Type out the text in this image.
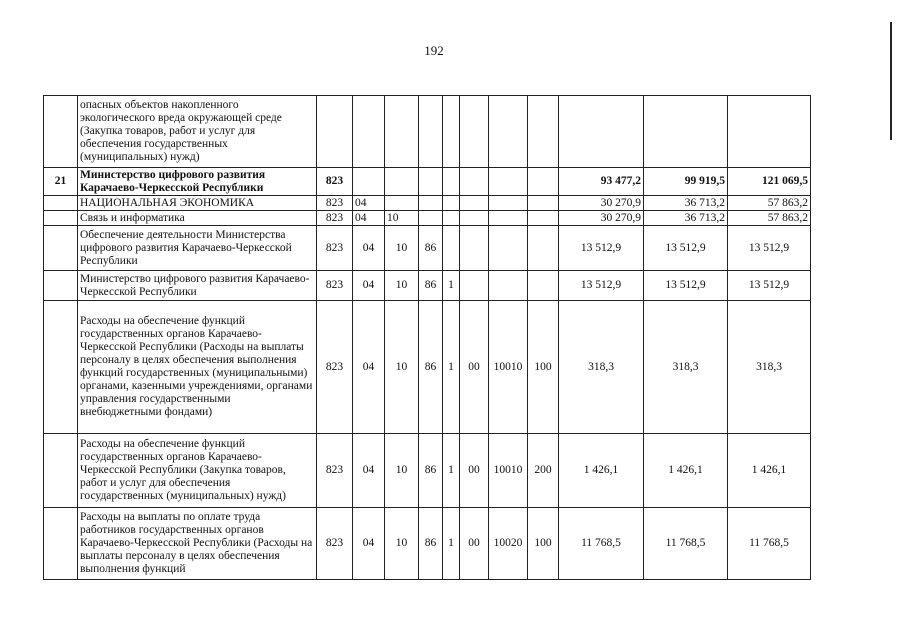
192
	опасных объектов накопленного экологического вреда окружающей среде (Закупка товаров, работ и услуг для обеспечения государственных (муниципальных) нужд)											
21	Министерство цифрового развития Карачаево-Черкесской Республики	823								93 477,2	99 919,5	121 069,5
	НАЦИОНАЛЬНАЯ ЭКОНОМИКА	823	04							30 270,9	36 713,2	57 863,2
	Связь и информатика	823	04	10						30 270,9	36 713,2	57 863,2
	Обеспечение деятельности Министерства цифрового развития Карачаево-Черкесской Республики	823	04	10	86					13 512,9	13 512,9	13 512,9
	Министерство цифрового развития Карачаево-Черкесской Республики	823	04	10	86	1				13 512,9	13 512,9	13 512,9
	Расходы на обеспечение функций государственных органов Карачаево-Черкесской Республики (Расходы на выплаты персоналу в целях обеспечения выполнения функций государственных (муниципальными) органами, казенными учреждениями, органами управления государственными внебюджетными фондами)	823	04	10	86	1	00	10010	100	318,3	318,3	318,3
	Расходы на обеспечение функций государственных органов Карачаево-Черкесской Республики (Закупка товаров, работ и услуг для обеспечения государственных (муниципальных) нужд)	823	04	10	86	1	00	10010	200	1 426,1	1 426,1	1 426,1
	Расходы на выплаты по оплате труда работников государственных органов Карачаево-Черкесской Республики (Расходы на выплаты персоналу в целях обеспечения выполнения функций	823	04	10	86	1	00	10020	100	11 768,5	11 768,5	11 768,5
